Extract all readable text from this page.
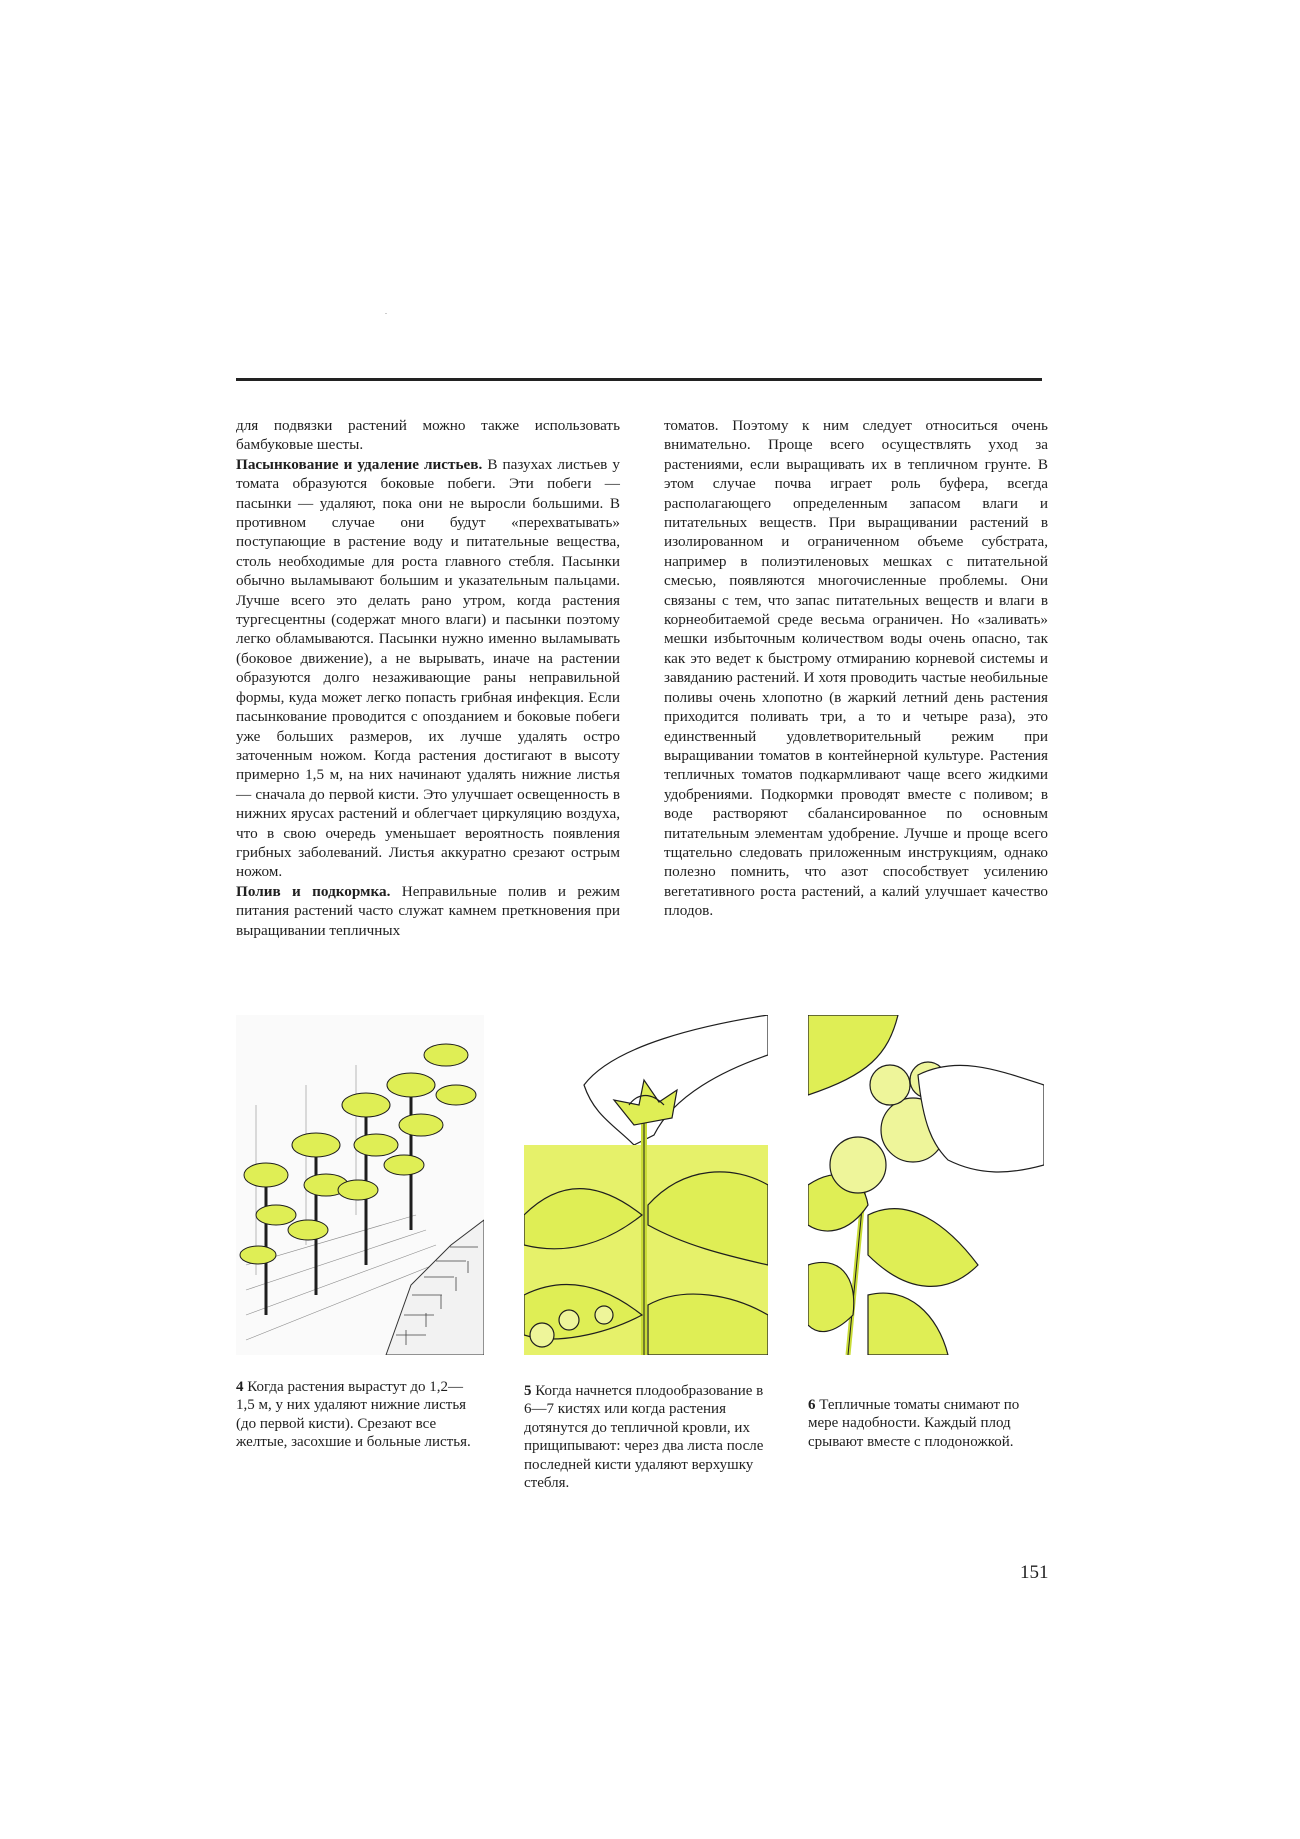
для подвязки растений можно также использовать бамбуковые шесты.

Пасынкование и удаление листьев. В пазухах листьев у томата образуются боковые побеги. Эти побеги — пасынки — удаляют, пока они не выросли большими. В противном случае они будут «перехватывать» поступающие в растение воду и питательные вещества, столь необходимые для роста главного стебля. Пасынки обычно выламывают большим и указательным пальцами. Лучше всего это делать рано утром, когда растения тургесцентны (содержат много влаги) и пасынки поэтому легко обламываются. Пасынки нужно именно выламывать (боковое движение), а не вырывать, иначе на растении образуются долго незаживающие раны неправильной формы, куда может легко попасть грибная инфекция. Если пасынкование проводится с опозданием и боковые побеги уже больших размеров, их лучше удалять остро заточенным ножом. Когда растения достигают в высоту примерно 1,5 м, на них начинают удалять нижние листья — сначала до первой кисти. Это улучшает освещенность в нижних ярусах растений и облегчает циркуляцию воздуха, что в свою очередь уменьшает вероятность появления грибных заболеваний. Листья аккуратно срезают острым ножом.

Полив и подкормка. Неправильные полив и режим питания растений часто служат камнем преткновения при выращивании тепличных

томатов. Поэтому к ним следует относиться очень внимательно. Проще всего осуществлять уход за растениями, если выращивать их в тепличном грунте. В этом случае почва играет роль буфера, всегда располагающего определенным запасом влаги и питательных веществ. При выращивании растений в изолированном и ограниченном объеме субстрата, например в полиэтиленовых мешках с питательной смесью, появляются многочисленные проблемы. Они связаны с тем, что запас питательных веществ и влаги в корнеобитаемой среде весьма ограничен. Но «заливать» мешки избыточным количеством воды очень опасно, так как это ведет к быстрому отмиранию корневой системы и завяданию растений. И хотя проводить частые необильные поливы очень хлопотно (в жаркий летний день растения приходится поливать три, а то и четыре раза), это единственный удовлетворительный режим при выращивании томатов в контейнерной культуре. Растения тепличных томатов подкармливают чаще всего жидкими удобрениями. Подкормки проводят вместе с поливом; в воде растворяют сбалансированное по основным питательным элементам удобрение. Лучше и проще всего тщательно следовать приложенным инструкциям, однако полезно помнить, что азот способствует усилению вегетативного роста растений, а калий улучшает качество плодов.

4 Когда растения вырастут до 1,2—1,5 м, у них удаляют нижние листья (до первой кисти). Срезают все желтые, засохшие и больные листья.
5 Когда начнется плодообразование в 6—7 кистях или когда растения дотянутся до тепличной кровли, их прищипывают: через два листа после последней кисти удаляют верхушку стебля.
6 Тепличные томаты снимают по мере надобности. Каждый плод срывают вместе с плодоножкой.
151
